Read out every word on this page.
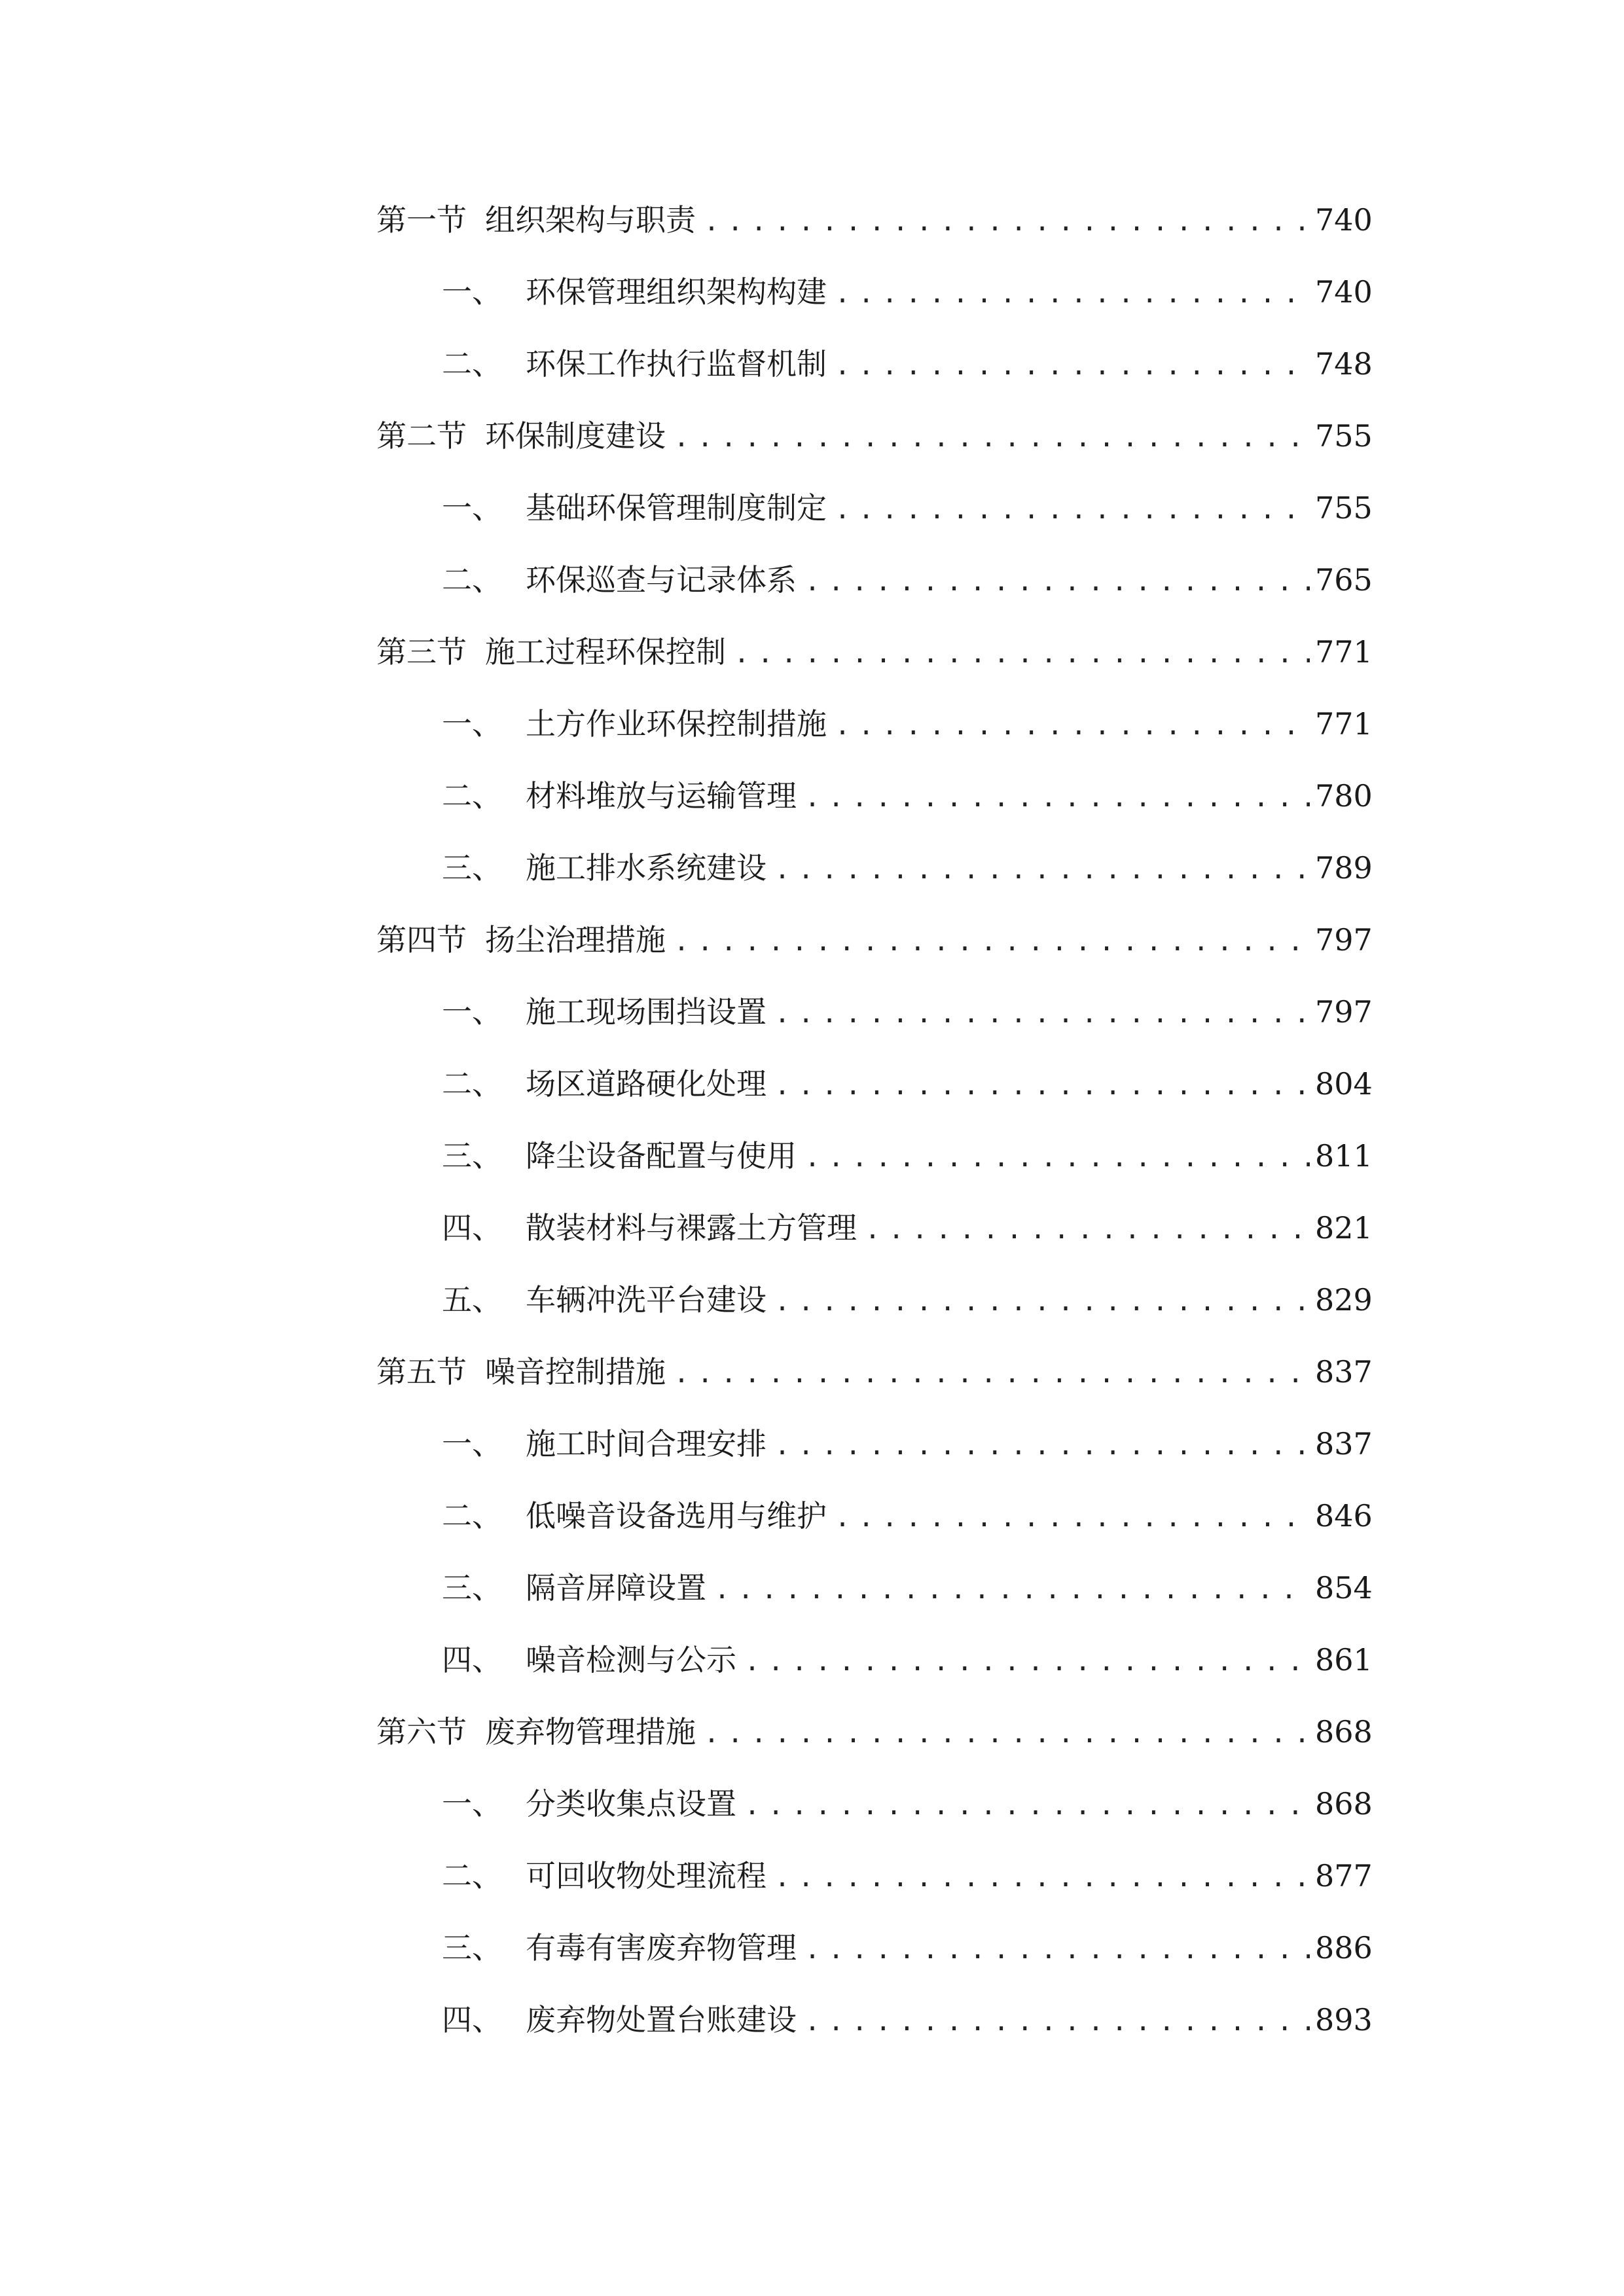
第一节 组织架构与职责 .....	740
一、 环保管理组织架构构建 .....	740
二、 环保工作执行监督机制 .....	748
第二节 环保制度建设 .....	755
一、 基础环保管理制度制定 .....	755
二、 环保巡查与记录体系 .....	765
第三节 施工过程环保控制 .....	771
一、 土方作业环保控制措施 .....	771
二、 材料堆放与运输管理 .....	780
三、 施工排水系统建设 .....	789
第四节 扬尘治理措施 .....	797
一、 施工现场围挡设置 .....	797
二、 场区道路硬化处理 .....	804
三、 降尘设备配置与使用 .....	811
四、 散装材料与裸露土方管理 .....	821
五、 车辆冲洗平台建设 .....	829
第五节 噪音控制措施 .....	837
一、 施工时间合理安排 .....	837
二、 低噪音设备选用与维护 .....	846
三、 隔音屏障设置 .....	854
四、 噪音检测与公示 .....	861
第六节 废弃物管理措施 .....	868
一、 分类收集点设置 .....	868
二、 可回收物处理流程 .....	877
三、 有毒有害废弃物管理 .....	886
四、 废弃物处置台账建设 .....	893
